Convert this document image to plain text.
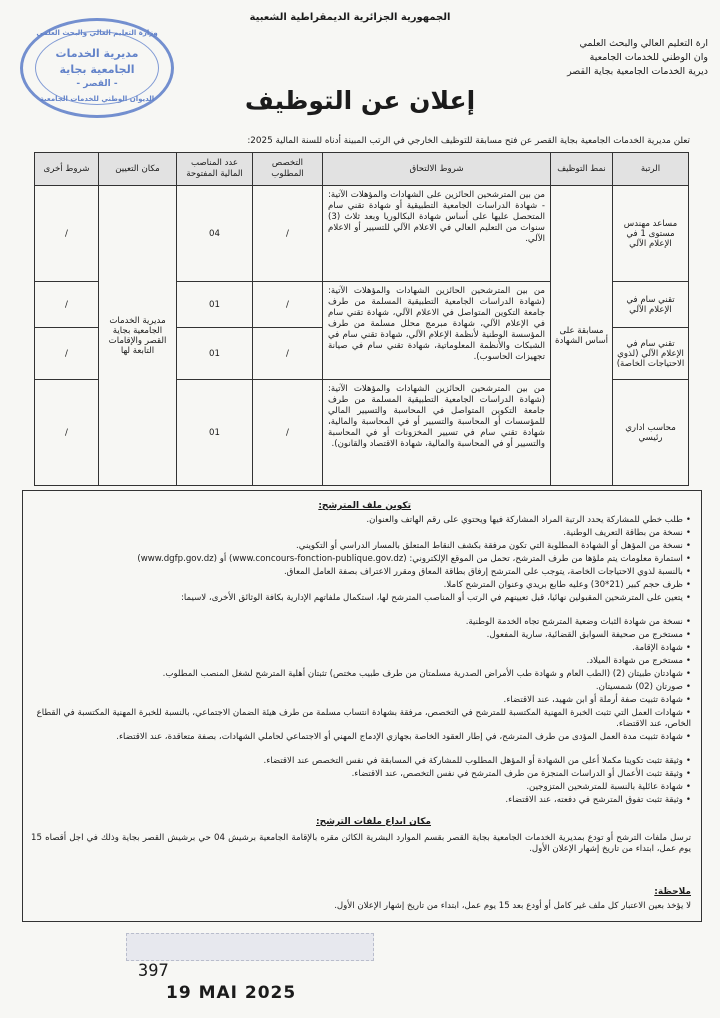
الجمهورية الجزائرية الديمقراطية الشعبية
ارة التعليم العالي والبحث العلمي
وان الوطني للخدمات الجامعية
ديرية الخدمات الجامعية بجاية القصر
وزارة التعليم العالي والبحث العلمي
مديرية الخدمات
الجامعية بجاية
- القصر -
الديوان الوطني للخدمات الجامعية	إعلان عن التوظيف
تعلن مديرية الخدمات الجامعية بجاية القصر عن فتح مسابقة للتوظيف الخارجي في الرتب المبينة أدناه للسنة المالية 2025:
الرتبة	نمط التوظيف	شروط الالتحاق	التخصص المطلوب	عدد المناصب المالية المفتوحة	مكان التعيين	شروط أخرى
مساعد مهندس مستوى 1 في الإعلام الآلي	مسابقة على أساس الشهادة	من بين المترشحين الحائزين على الشهادات والمؤهلات الآتية: - شهادة الدراسات الجامعية التطبيقية أو شهادة تقني سام المتحصل عليها على أساس شهادة البكالوريا وبعد ثلاث (3) سنوات من التعليم العالي في الاعلام الآلي للتسيير أو الاعلام الآلي.	/	04	مديرية الخدمات الجامعية بجاية القصر والإقامات التابعة لها	/
تقني سام في الإعلام الآلي		من بين المترشحين الحائزين الشهادات والمؤهلات الآتية: (شهادة الدراسات الجامعية التطبيقية المسلمة من طرف جامعة التكوين المتواصل في الاعلام الآلي، شهادة تقني سام في الإعلام الآلي، شهادة مبرمج محلل مسلمة من طرف المؤسسة الوطنية لأنظمة الإعلام الآلي، شهادة تقني سام في الشبكات والأنظمة المعلوماتية، شهادة تقني سام في صيانة تجهيزات الحاسوب).	/	01		/
تقني سام في الإعلام الآلي (لذوي الاحتياجات الخاصة)			/	01		/
محاسب اداري رئيسي		من بين المترشحين الحائزين الشهادات والمؤهلات الآتية: (شهادة الدراسات الجامعية التطبيقية المسلمة من طرف جامعة التكوين المتواصل في المحاسبة والتسيير المالي للمؤسسات أو المحاسبة والتسيير أو في المحاسبة والمالية، شهادة تقني سام في تسيير المخزونات أو في المحاسبة والتسيير أو في المحاسبة والمالية، شهادة الاقتصاد والقانون).	/	01		/
تكوين ملف المترشح:
•طلب خطي للمشاركة يحدد الرتبة المراد المشاركة فيها ويحتوي على رقم الهاتف والعنوان.
•نسخة من بطاقة التعريف الوطنية.
•نسخة من المؤهل أو الشهادة المطلوبة التي تكون مرفقة بكشف النقاط المتعلق بالمسار الدراسي أو التكويني.
•استمارة معلومات يتم ملؤها من طرف المترشح، تحمل من الموقع الإلكتروني: (www.concours-fonction-publique.gov.dz) أو (www.dgfp.gov.dz)
•بالنسبة لذوي الاحتياجات الخاصة، يتوجب على المترشح إرفاق بطاقة المعاق ومقرر الاعتراف بصفة العامل المعاق.
•ظرف حجم كبير (21*30) وعليه طابع بريدي وعنوان المترشح كاملا.
•يتعين على المترشحين المقبولين نهائيا، قبل تعيينهم في الرتب أو المناصب المترشح لها، استكمال ملفاتهم الإدارية بكافة الوثائق الأخرى، لاسيما:
•نسخة من شهادة الثبات وضعية المترشح تجاه الخدمة الوطنية.
•مستخرج من صحيفة السوابق القضائية، سارية المفعول.
•شهادة الإقامة.
•مستخرج من شهادة الميلاد.
•شهادتان طبيتان (2) (الطب العام و شهادة طب الأمراض الصدرية مسلمتان من طرف طبيب مختص) تثبتان أهلية المترشح لشغل المنصب المطلوب.
•صورتان (02) شمسيتان.
•شهادة تثبيت صفة أرملة أو ابن شهيد، عند الاقتضاء.
•شهادات العمل التي تثبت الخبرة المهنية المكتسبة للمترشح في التخصص، مرفقة بشهادة انتساب مسلمة من طرف هيئة الضمان الاجتماعي، بالنسبة للخبرة المهنية المكتسبة في القطاع الخاص، عند الاقتضاء.
•شهادة تثبيت مدة العمل المؤدى من طرف المترشح، في إطار العقود الخاصة بجهازي الإدماج المهني أو الاجتماعي لحاملي الشهادات، بصفة متعاقدة، عند الاقتضاء.
•وثيقة تثبت تكوينا مكملا أعلى من الشهادة أو المؤهل المطلوب للمشاركة في المسابقة في نفس التخصص عند الاقتضاء.
•وثيقة تثبت الأعمال أو الدراسات المنجزة من طرف المترشح في نفس التخصص، عند الاقتضاء.
•شهادة عائلية بالنسبة للمترشحين المتزوجين.
•وثيقة تثبت تفوق المترشح في دفعته، عند الاقتضاء.
مكان ايداع ملفات الترشح:
ترسل ملفات الترشح أو تودع بمديرية الخدمات الجامعية بجاية القصر بقسم الموارد البشرية الكائن مقره بالإقامة الجامعية برشيش 04 حي برشيش القصر بجاية وذلك في اجل أقصاه 15 يوم عمل، ابتداء من تاريخ إشهار الإعلان الأول.
ملاحظة:
لا يؤخذ بعين الاعتبار كل ملف غير كامل أو أودع بعد 15 يوم عمل، ابتداء من تاريخ إشهار الإعلان الأول.
397
19 MAI 2025
